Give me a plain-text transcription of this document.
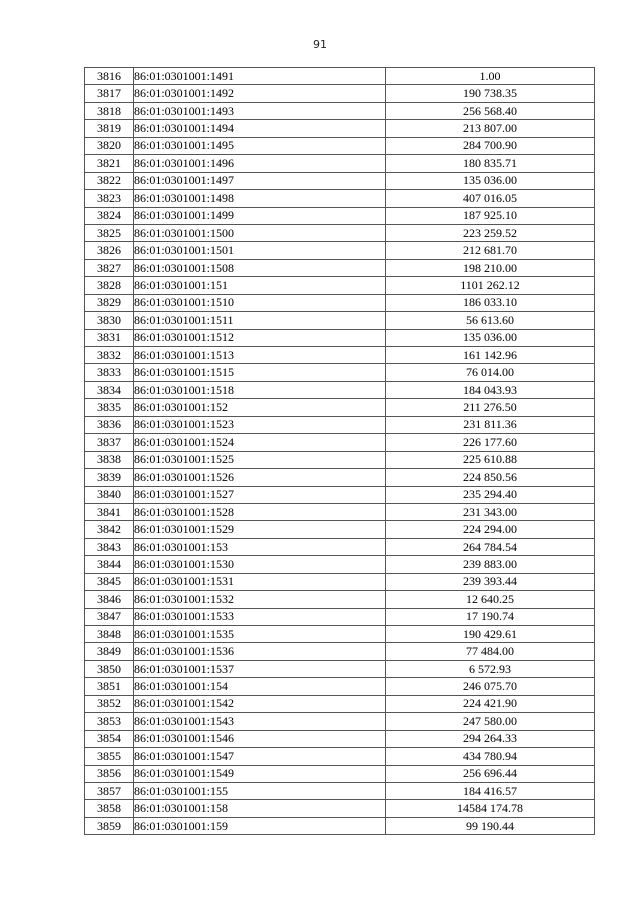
91
3816	86:01:0301001:1491	1.00
3817	86:01:0301001:1492	190 738.35
3818	86:01:0301001:1493	256 568.40
3819	86:01:0301001:1494	213 807.00
3820	86:01:0301001:1495	284 700.90
3821	86:01:0301001:1496	180 835.71
3822	86:01:0301001:1497	135 036.00
3823	86:01:0301001:1498	407 016.05
3824	86:01:0301001:1499	187 925.10
3825	86:01:0301001:1500	223 259.52
3826	86:01:0301001:1501	212 681.70
3827	86:01:0301001:1508	198 210.00
3828	86:01:0301001:151	1101 262.12
3829	86:01:0301001:1510	186 033.10
3830	86:01:0301001:1511	56 613.60
3831	86:01:0301001:1512	135 036.00
3832	86:01:0301001:1513	161 142.96
3833	86:01:0301001:1515	76 014.00
3834	86:01:0301001:1518	184 043.93
3835	86:01:0301001:152	211 276.50
3836	86:01:0301001:1523	231 811.36
3837	86:01:0301001:1524	226 177.60
3838	86:01:0301001:1525	225 610.88
3839	86:01:0301001:1526	224 850.56
3840	86:01:0301001:1527	235 294.40
3841	86:01:0301001:1528	231 343.00
3842	86:01:0301001:1529	224 294.00
3843	86:01:0301001:153	264 784.54
3844	86:01:0301001:1530	239 883.00
3845	86:01:0301001:1531	239 393.44
3846	86:01:0301001:1532	12 640.25
3847	86:01:0301001:1533	17 190.74
3848	86:01:0301001:1535	190 429.61
3849	86:01:0301001:1536	77 484.00
3850	86:01:0301001:1537	6 572.93
3851	86:01:0301001:154	246 075.70
3852	86:01:0301001:1542	224 421.90
3853	86:01:0301001:1543	247 580.00
3854	86:01:0301001:1546	294 264.33
3855	86:01:0301001:1547	434 780.94
3856	86:01:0301001:1549	256 696.44
3857	86:01:0301001:155	184 416.57
3858	86:01:0301001:158	14584 174.78
3859	86:01:0301001:159	99 190.44
